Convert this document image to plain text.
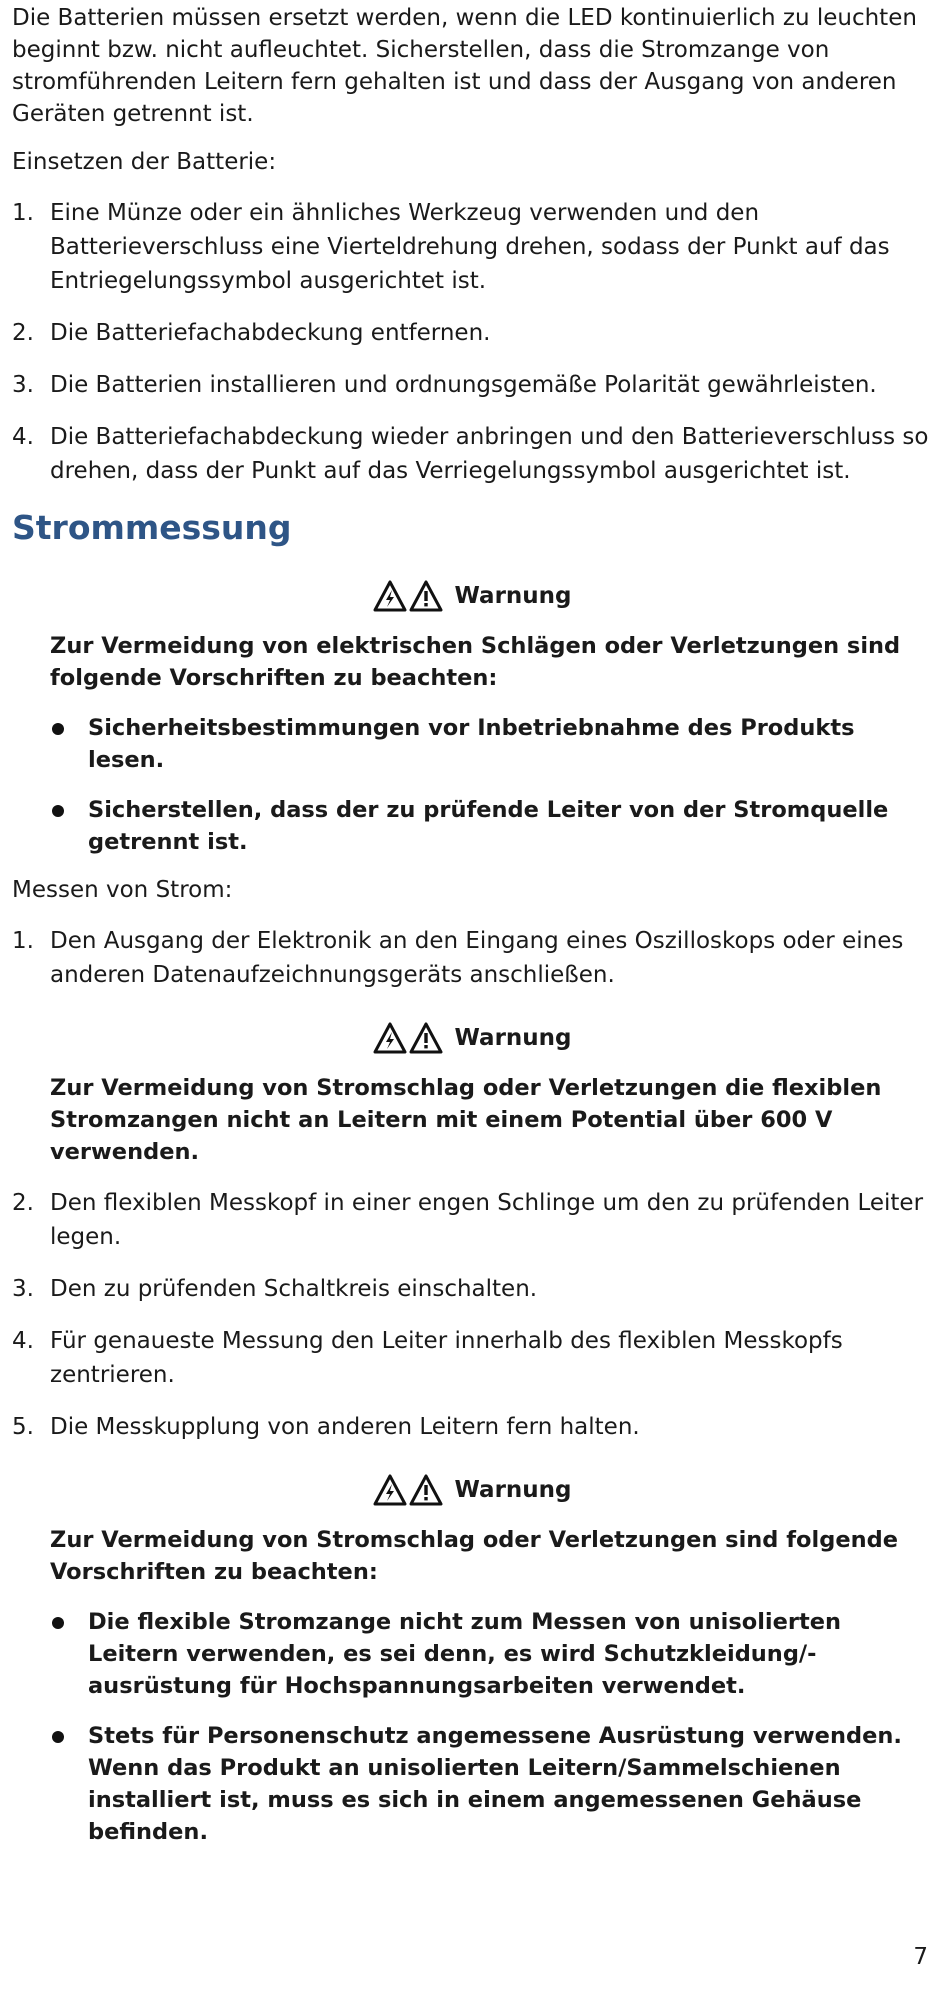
Die Batterien müssen ersetzt werden, wenn die LED kontinuierlich zu leuchten beginnt bzw. nicht aufleuchtet. Sicherstellen, dass die Stromzange von stromführenden Leitern fern gehalten ist und dass der Ausgang von anderen Geräten getrennt ist.

Einsetzen der Batterie:

1. Eine Münze oder ein ähnliches Werkzeug verwenden und den Batterieverschluss eine Vierteldrehung drehen, sodass der Punkt auf das Entriegelungssymbol ausgerichtet ist.
2. Die Batteriefachabdeckung entfernen.
3. Die Batterien installieren und ordnungsgemäße Polarität gewährleisten.
4. Die Batteriefachabdeckung wieder anbringen und den Batterieverschluss so drehen, dass der Punkt auf das Verriegelungssymbol ausgerichtet ist.
Strommessung
Warnung

Zur Vermeidung von elektrischen Schlägen oder Verletzungen sind folgende Vorschriften zu beachten:

Sicherheitsbestimmungen vor Inbetriebnahme des Produkts lesen.
Sicherstellen, dass der zu prüfende Leiter von der Stromquelle getrennt ist.

Messen von Strom:

1. Den Ausgang der Elektronik an den Eingang eines Oszilloskops oder eines anderen Datenaufzeichnungsgeräts anschließen.
Warnung

Zur Vermeidung von Stromschlag oder Verletzungen die flexiblen Stromzangen nicht an Leitern mit einem Potential über 600 V verwenden.

2. Den flexiblen Messkopf in einer engen Schlinge um den zu prüfenden Leiter legen.
3. Den zu prüfenden Schaltkreis einschalten.
4. Für genaueste Messung den Leiter innerhalb des flexiblen Messkopfs zentrieren.
5. Die Messkupplung von anderen Leitern fern halten.
Warnung

Zur Vermeidung von Stromschlag oder Verletzungen sind folgende Vorschriften zu beachten:

Die flexible Stromzange nicht zum Messen von unisolierten Leitern verwenden, es sei denn, es wird Schutzkleidung/-ausrüstung für Hochspannungsarbeiten verwendet.
Stets für Personenschutz angemessene Ausrüstung verwenden. Wenn das Produkt an unisolierten Leitern/Sammelschienen installiert ist, muss es sich in einem angemessenen Gehäuse befinden.
7
